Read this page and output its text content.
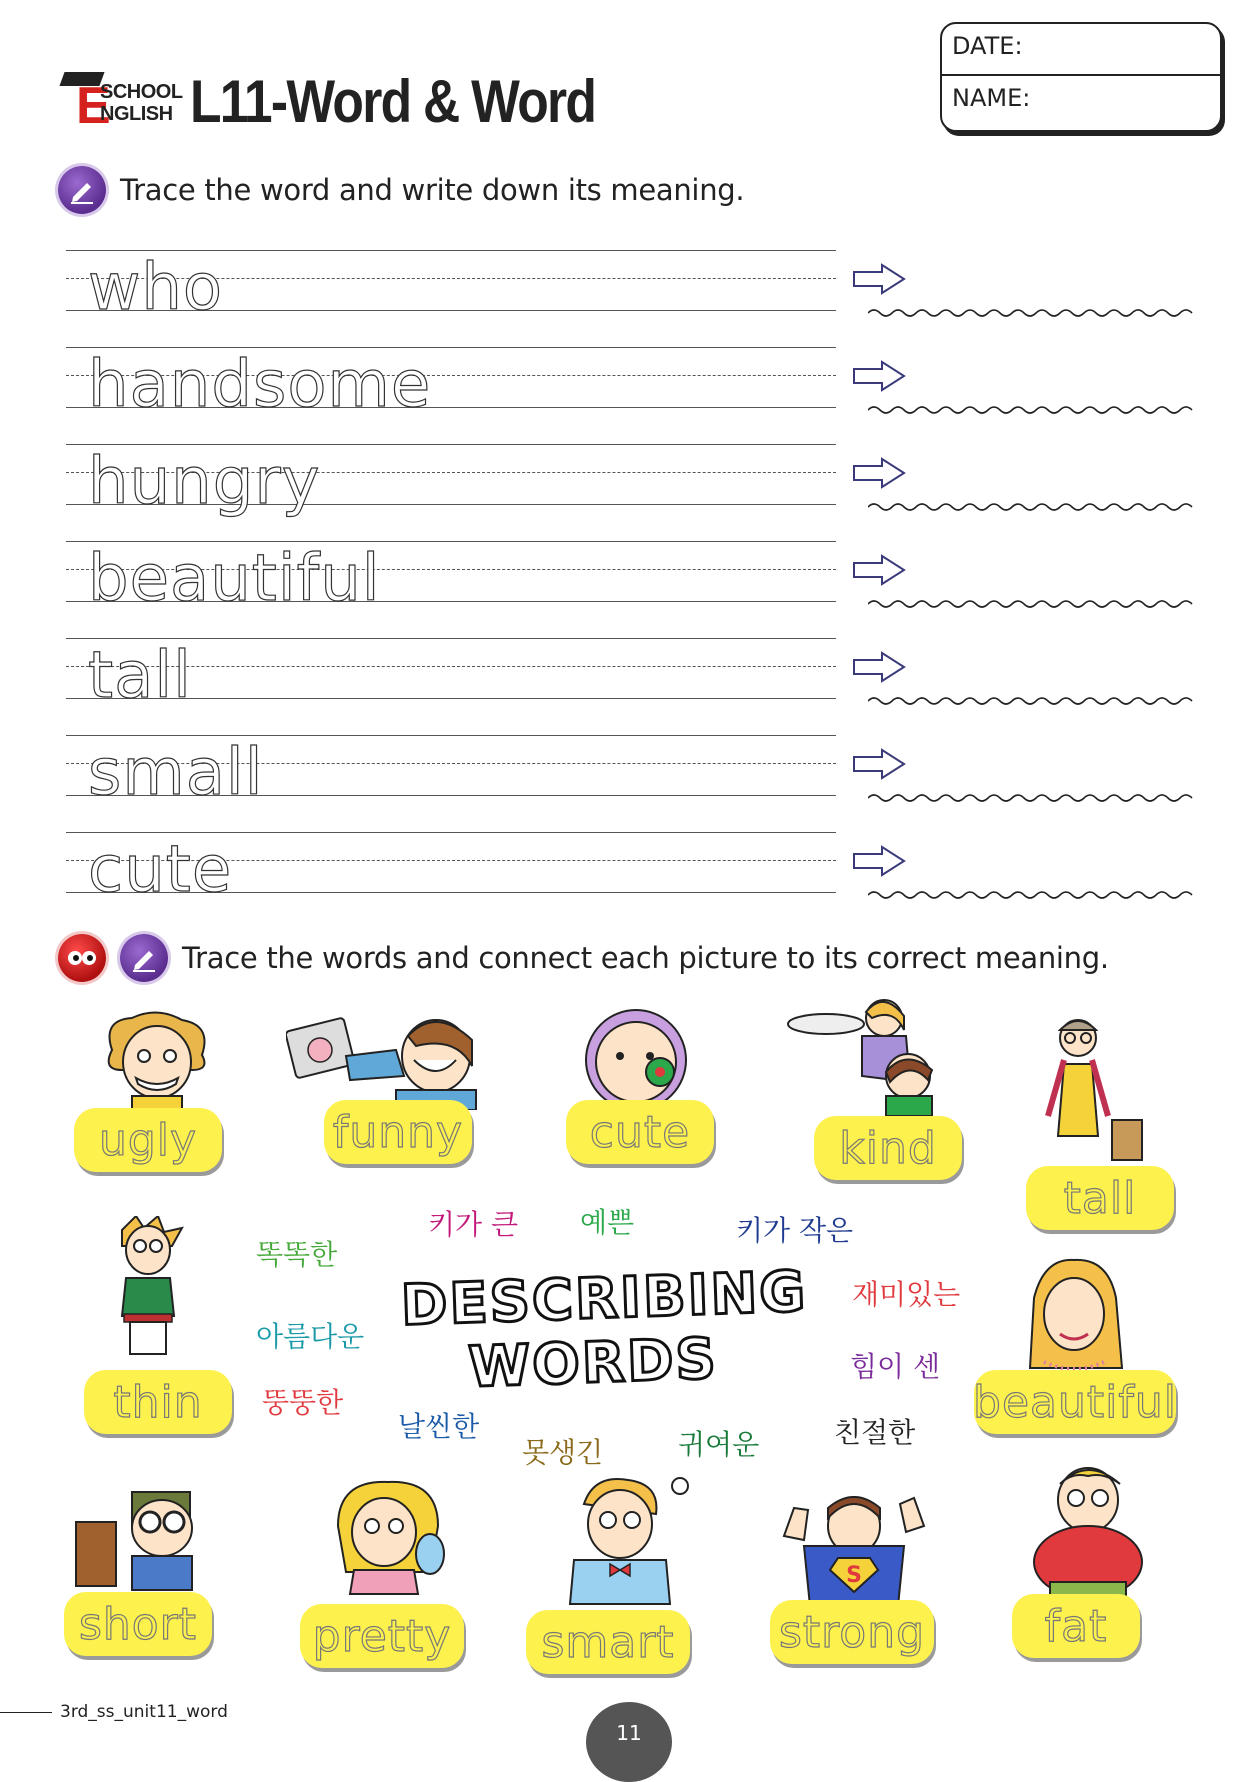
E
SCHOOL
NGLISH L11-Word & Word
DATE:
NAME:
Trace the word and write down its meaning.
who
handsome
hungry
beautiful
tall
small
cute
Trace the words and connect each picture to its correct meaning.
S
ugly	funny	cute	kind
tall
thin	beautiful
short	pretty smart strong	fat
DESCRIBING
WORDS
키가 큰 예쁜	키가 작은
똑똑한
재미있는
아름다운
힘이 센
뚱뚱한
날씬한
못생긴	귀여운	친절한
3rd_ss_unit11_word
11
